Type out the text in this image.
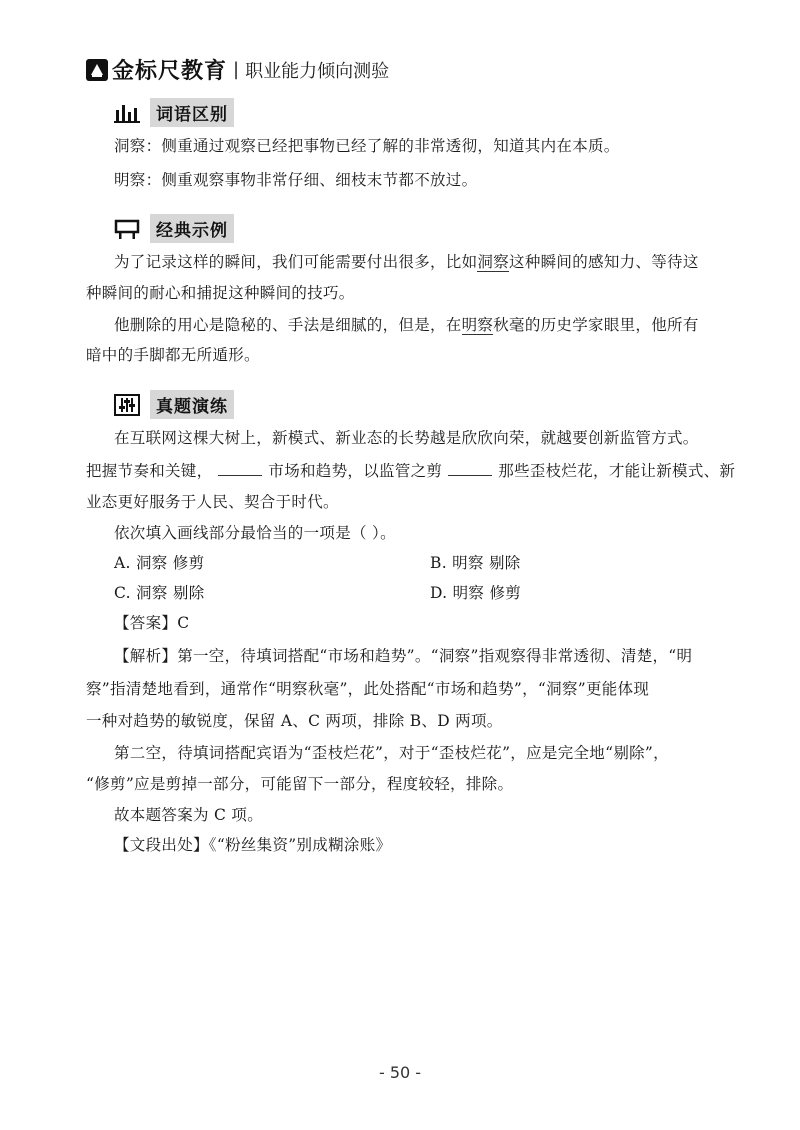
金标尺教育 | 职业能力倾向测验
词语区别
洞察：侧重通过观察已经把事物已经了解的非常透彻，知道其内在本质。
明察：侧重观察事物非常仔细、细枝末节都不放过。
经典示例
为了记录这样的瞬间，我们可能需要付出很多，比如洞察这种瞬间的感知力、等待这
种瞬间的耐心和捕捉这种瞬间的技巧。
他删除的用心是隐秘的、手法是细腻的，但是，在明察秋毫的历史学家眼里，他所有
暗中的手脚都无所遁形。
真题演练
在互联网这棵大树上，新模式、新业态的长势越是欣欣向荣，就越要创新监管方式。
把握节奏和关键，	市场和趋势，以监管之剪	那些歪枝烂花，才能让新模式、新
业态更好服务于人民、契合于时代。
依次填入画线部分最恰当的一项是（ ）。
A. 洞察 修剪	B. 明察 剔除
C. 洞察 剔除	D. 明察 修剪
【答案】C
【解析】第一空，待填词搭配“市场和趋势”。“洞察”指观察得非常透彻、清楚，“明
察”指清楚地看到，通常作“明察秋毫”，此处搭配“市场和趋势”，“洞察”更能体现
一种对趋势的敏锐度，保留 A、C 两项，排除 B、D 两项。
第二空，待填词搭配宾语为“歪枝烂花”，对于“歪枝烂花”，应是完全地“剔除”，
“修剪”应是剪掉一部分，可能留下一部分，程度较轻，排除。
故本题答案为 C 项。
【文段出处】《“粉丝集资”别成糊涂账》
- 50 -
